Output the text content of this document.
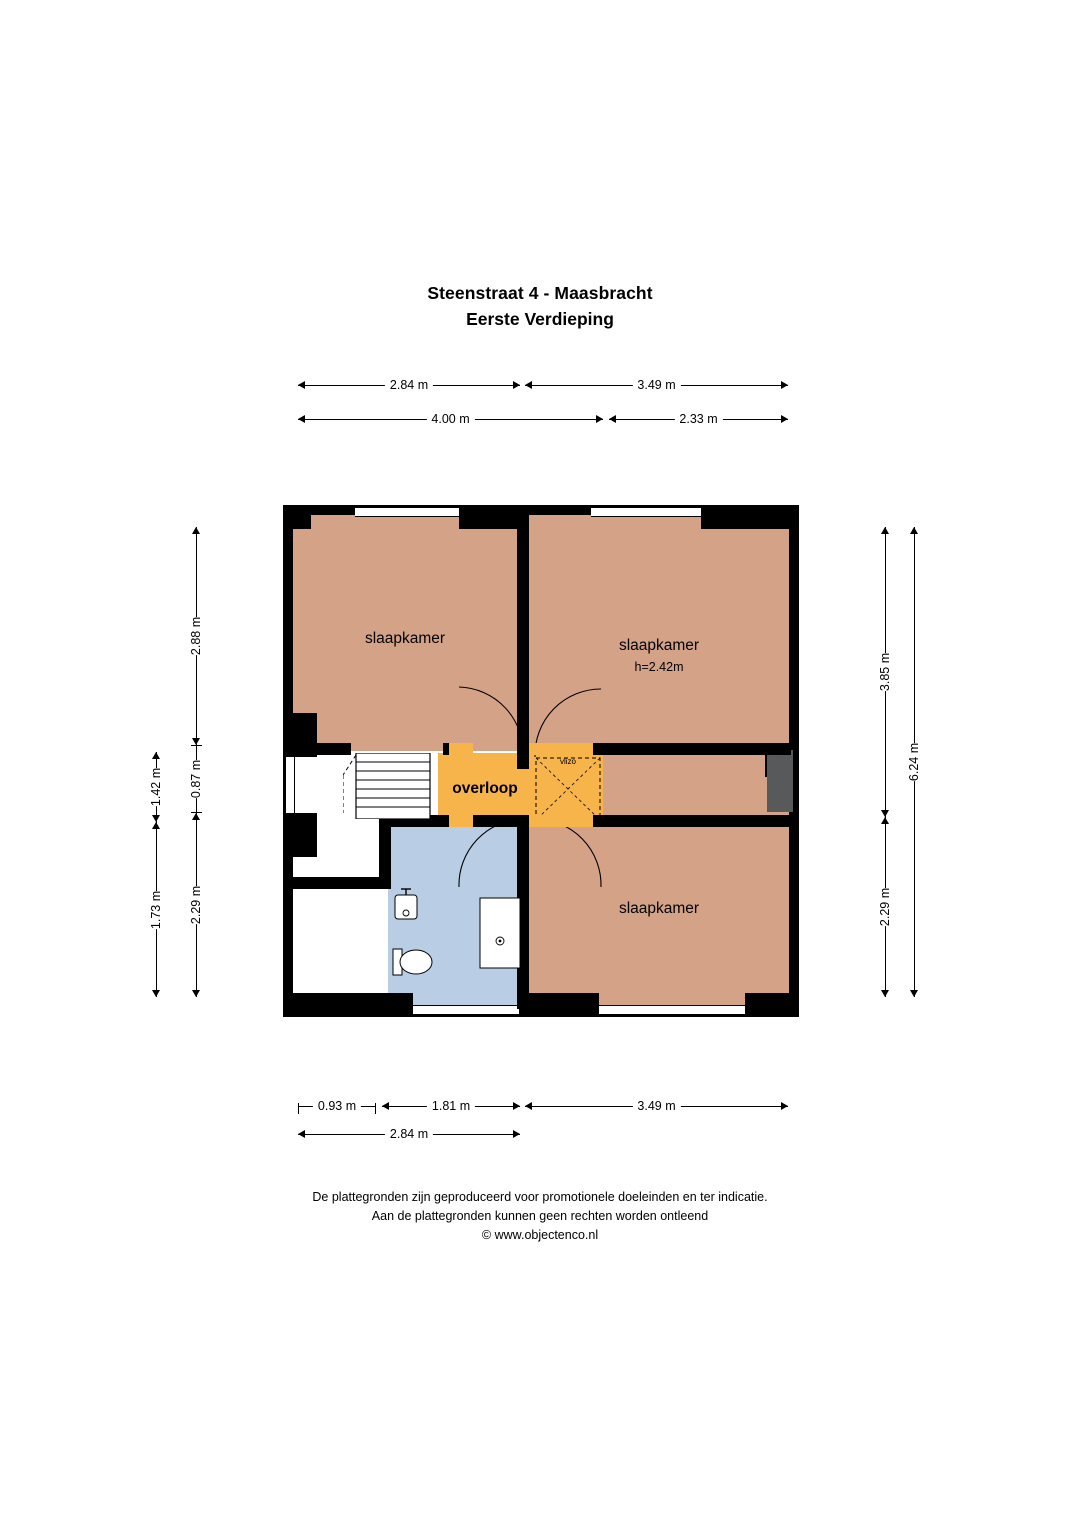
Steenstraat 4 - Maasbracht
Eerste Verdieping
2.84 m	3.49 m
4.00 m	2.33 m
1.42 m
1.73 m
2.88 m
0.87 m
2.29 m
3.85 m
2.29 m
6.24 m
vlizo
slaapkamer	slaapkamer
h=2.42m
slaapkamer
overloop
0.93 m	1.81 m	3.49 m
2.84 m
De plattegronden zijn geproduceerd voor promotionele doeleinden en ter indicatie.
Aan de plattegronden kunnen geen rechten worden ontleend
© www.objectenco.nl
